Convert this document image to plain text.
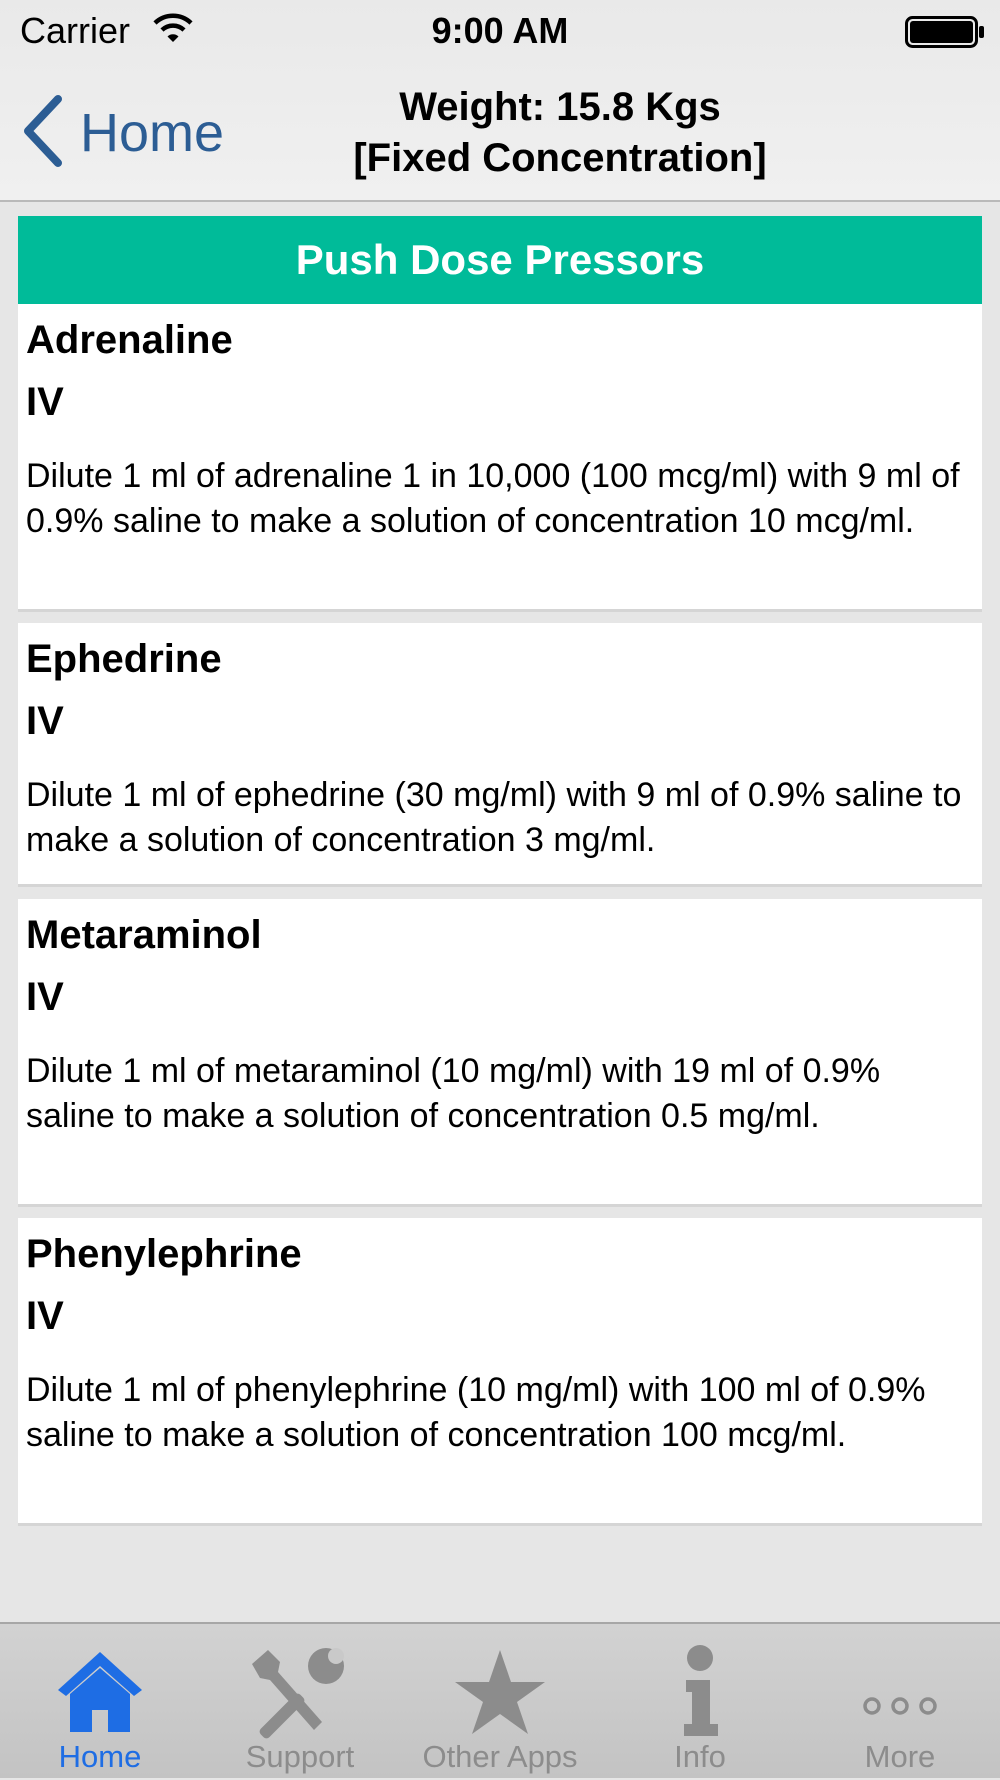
Carrier	9:00 AM
Home	Weight: 15.8 Kgs
[Fixed Concentration]
Push Dose Pressors
Adrenaline
IV
Dilute 1 ml of adrenaline 1 in 10,000 (100 mcg/ml) with 9 ml of 0.9% saline to make a solution of concentration 10 mcg/ml.
Ephedrine
IV
Dilute 1 ml of ephedrine (30 mg/ml) with 9 ml of 0.9% saline to make a solution of concentration 3 mg/ml.
Metaraminol
IV
Dilute 1 ml of metaraminol (10 mg/ml) with 19 ml of 0.9% saline to make a solution of concentration 0.5 mg/ml.
Phenylephrine
IV
Dilute 1 ml of phenylephrine (10 mg/ml) with 100 ml of 0.9% saline to make a solution of concentration 100 mcg/ml.
Home	Support	Other Apps	Info	More
